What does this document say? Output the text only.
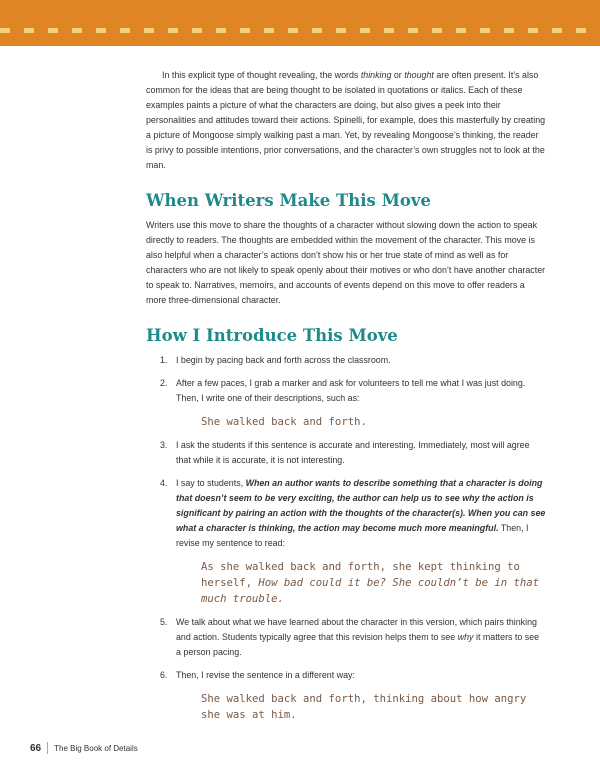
In this explicit type of thought revealing, the words thinking or thought are often present. It’s also common for the ideas that are being thought to be isolated in quotations or italics. Each of these examples paints a picture of what the characters are doing, but also gives a peek into their personalities and attitudes toward their actions. Spinelli, for example, does this masterfully by creating a picture of Mongoose simply walking past a man. Yet, by revealing Mongoose’s thinking, the reader is privy to possible intentions, prior conversations, and the character’s own struggles not to look at the man.

When Writers Make This Move

Writers use this move to share the thoughts of a character without slowing down the action to speak directly to readers. The thoughts are embedded within the movement of the character. This move is also helpful when a character’s actions don’t show his or her true state of mind as well as for characters who are not likely to speak openly about their motives or who don’t have another character to speak to. Narratives, memoirs, and accounts of events depend on this move to offer readers a more three-dimensional character.

How I Introduce This Move
1. I begin by pacing back and forth across the classroom.
2. After a few paces, I grab a marker and ask for volunteers to tell me what I was just doing. Then, I write one of their descriptions, such as:
She walked back and forth.
3. I ask the students if this sentence is accurate and interesting. Immediately, most will agree that while it is accurate, it is not interesting.
4. I say to students, When an author wants to describe something that a character is doing that doesn’t seem to be very exciting, the author can help us to see why the action is significant by pairing an action with the thoughts of the character(s). When you can see what a character is thinking, the action may become much more meaningful. Then, I revise my sentence to read:
As she walked back and forth, she kept thinking to herself, How bad could it be? She couldn’t be in that much trouble.
5. We talk about what we have learned about the character in this version, which pairs thinking and action. Students typically agree that this revision helps them to see why it matters to see a person pacing.
6. Then, I revise the sentence in a different way:
She walked back and forth, thinking about how angry she was at him.
66 The Big Book of Details
